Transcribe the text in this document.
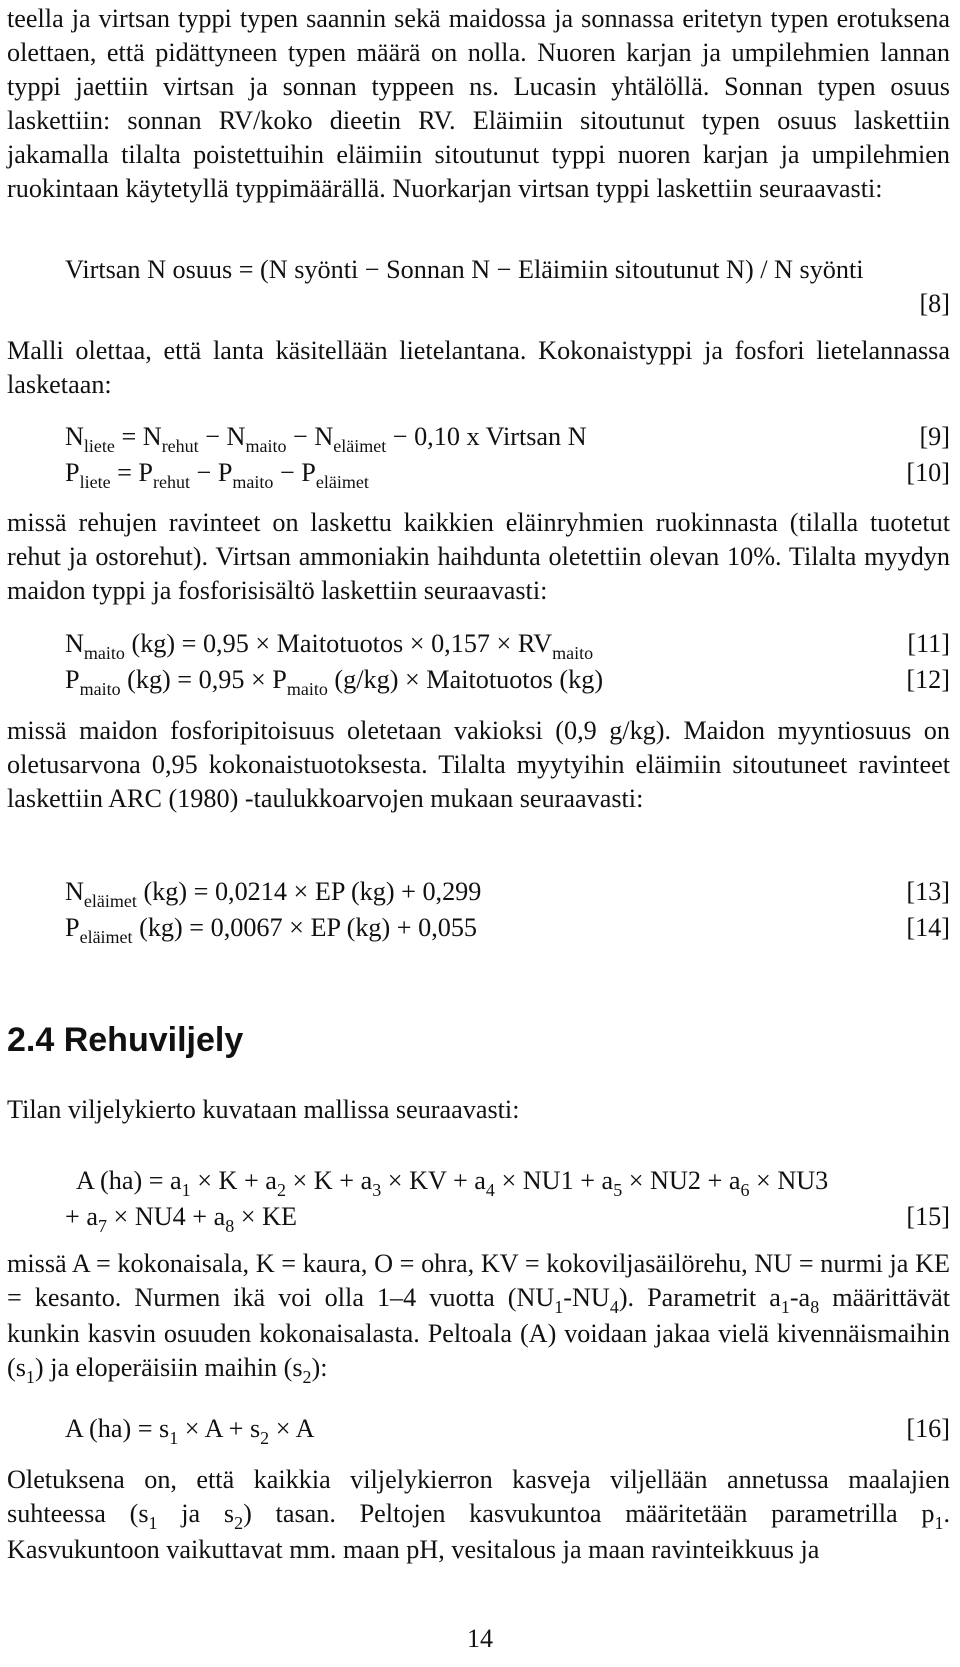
teella ja virtsan typpi typen saannin sekä maidossa ja sonnassa eritetyn typen erotuksena olettaen, että pidättyneen typen määrä on nolla. Nuoren karjan ja umpilehmien lannan typpi jaettiin virtsan ja sonnan typpeen ns. Lucasin yhtälöllä. Sonnan typen osuus laskettiin: sonnan RV/koko dieetin RV. Eläimiin sitoutunut typen osuus laskettiin jakamalla tilalta poistettuihin eläimiin sitoutunut typpi nuoren karjan ja umpilehmien ruokintaan käytetyllä typpimäärällä. Nuorkarjan virtsan typpi laskettiin seuraavasti:

Virtsan N osuus = (N syönti − Sonnan N − Eläimiin sitoutunut N) / N syönti
[8]

Malli olettaa, että lanta käsitellään lietelantana. Kokonaistyppi ja fosfori lietelannassa lasketaan:

$N_{liete} = N_{rehut} - N_{maito} - N_{eläimet} - 0,10$ x Virtsan N	[9]
$P_{liete} = P_{rehut} - P_{maito} - P_{eläimet}$	[10]

missä rehujen ravinteet on laskettu kaikkien eläinryhmien ruokinnasta (tilalla tuotetut rehut ja ostorehut). Virtsan ammoniakin haihdunta oletettiin olevan 10%. Tilalta myydyn maidon typpi ja fosforisisältö laskettiin seuraavasti:

$N_{maito}$ (kg) = 0,95 × Maitotuotos × $0,157 \times RV_{maito}$	[11]
$P_{maito}$ $(kg) = 0,95 \times P_{maito}$ (g/kg) × Maitotuotos (kg)	[12]

missä maidon fosforipitoisuus oletetaan vakioksi (0,9 g/kg). Maidon myyntiosuus on oletusarvona 0,95 kokonaistuotoksesta. Tilalta myytyihin eläimiin sitoutuneet ravinteet laskettiin ARC (1980) -taulukkoarvojen mukaan seuraavasti:

$N_{eläimet}$ (kg) = 0,0214 × EP (kg) + 0,299	[13]
$P_{eläimet}$ (kg) = 0,0067 × EP (kg) + 0,055	[14]
2.4 Rehuviljely

Tilan viljelykierto kuvataan mallissa seuraavasti:

A $(ha) = a_1 \times K + a_2 \times K + a_3$ × KV + $a_4 \times NU1 + a_5 \times NU2 + a_6 \times NU3$
+ $a_7 \times NU4 + a_8$ × KE	[15]

missä A = kokonaisala, K = kaura, O = ohra, KV = kokoviljasäilörehu, NU = nurmi ja KE = kesanto. Nurmen ikä voi olla 1–4 vuotta $(NU_1-NU_4)$. Parametrit $a_1-a_8$ määrittävät kunkin kasvin osuuden kokonaisalasta. Peltoala (A) voidaan jakaa vielä kivennäismaihin $(s_1)$ ja eloperäisiin maihin $(s_2)$:

A $(ha) = s_1 \times A + s_2 \times A$	[16]

Oletuksena on, että kaikkia viljelykierron kasveja viljellään annetussa maalajien suhteessa ($s_1$ ja $s_2$) tasan. Peltojen kasvukuntoa määritetään parametrilla $p_1$. Kasvukuntoon vaikuttavat mm. maan pH, vesitalous ja maan ravinteikkuus ja

14
